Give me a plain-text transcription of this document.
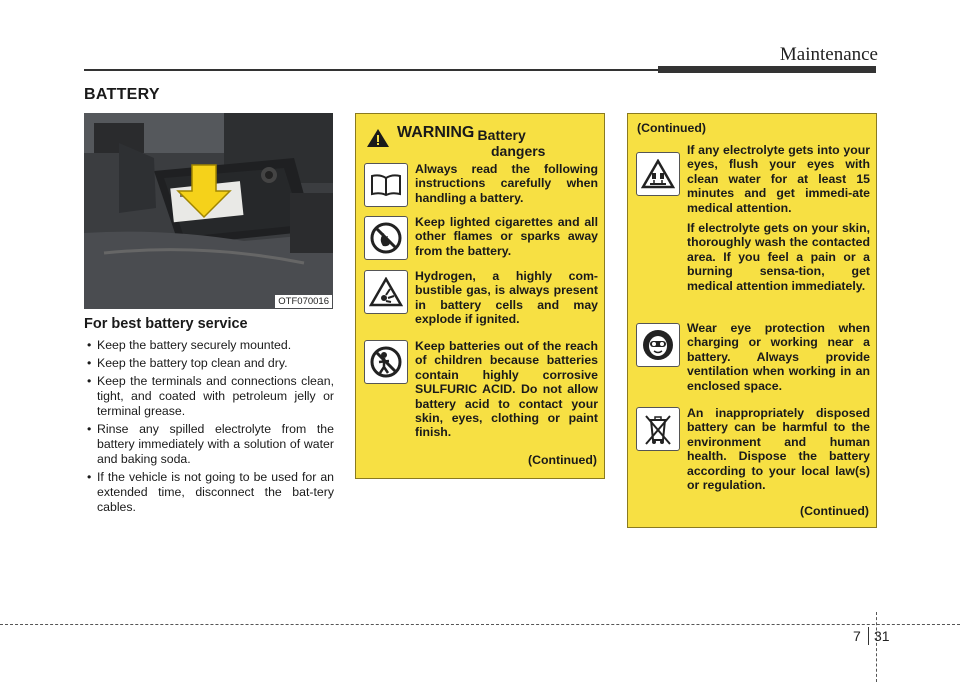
Maintenance
BATTERY
OTF070016
For best battery service
• Keep the battery securely mounted.
• Keep the battery top clean and dry.
• Keep the terminals and connections clean, tight, and coated with petroleum jelly or terminal grease.
• Rinse any spilled electrolyte from the battery immediately with a solution of water and baking soda.
• If the vehicle is not going to be used for an extended time, disconnect the bat-tery cables.
WARNING
- Battery
dangers
Always read the following instructions carefully when handling a battery.
Keep lighted cigarettes and all other flames or sparks away from the battery.
Hydrogen, a highly com-bustible gas, is always present in battery cells and may explode if ignited.
Keep batteries out of the reach of children because batteries contain highly corrosive SULFURIC ACID. Do not allow battery acid to contact your skin, eyes, clothing or paint finish.
(Continued)
(Continued)
If any electrolyte gets into your eyes, flush your eyes with clean water for at least 15 minutes and get immedi-ate medical attention.
If electrolyte gets on your skin, thoroughly wash the contacted area. If you feel a pain or a burning sensa-tion, get medical attention immediately.
Wear eye protection when charging or working near a battery. Always provide ventilation when working in an enclosed space.
An inappropriately disposed battery can be harmful to the environment and human health. Dispose the battery according to your local law(s) or regulation.
(Continued)
7 31
